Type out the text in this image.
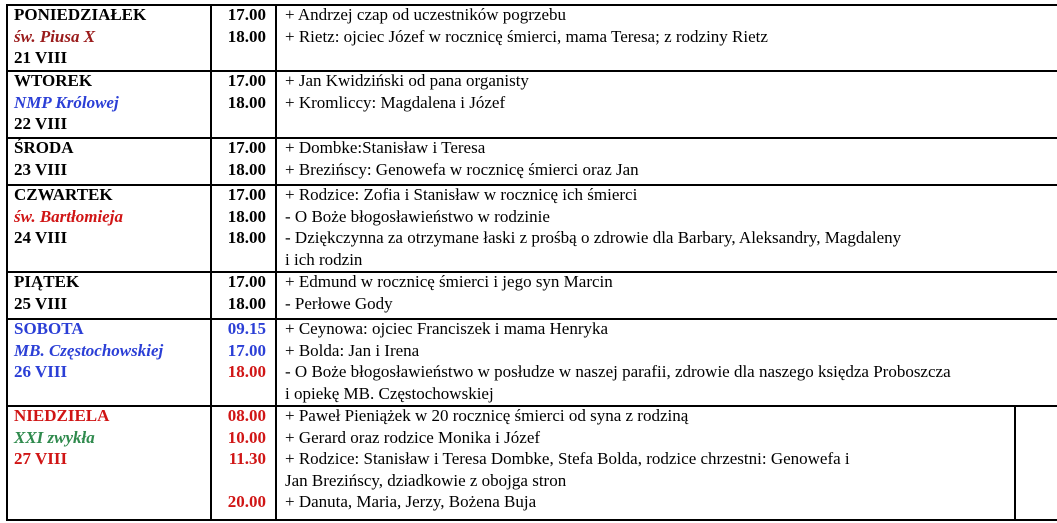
PONIEDZIAŁEK
św. Piusa X
21 VIII
17.00 + Andrzej czap od uczestników pogrzebu
18.00 + Rietz: ojciec Józef w rocznicę śmierci, mama Teresa; z rodziny Rietz
WTOREK
NMP Królowej
22 VIII
17.00 + Jan Kwidziński od pana organisty
18.00 + Kromliccy: Magdalena i Józef
ŚRODA
23 VIII
17.00 + Dombke:Stanisław i Teresa
18.00 + Brezińscy: Genowefa w rocznicę śmierci oraz Jan
CZWARTEK
św. Bartłomieja
24 VIII
17.00 + Rodzice: Zofia i Stanisław w rocznicę ich śmierci
18.00 - O Boże błogosławieństwo w rodzinie
18.00 - Dziękczynna za otrzymane łaski z prośbą o zdrowie dla Barbary, Aleksandry, Magdaleny
i ich rodzin
PIĄTEK
25 VIII
17.00 + Edmund w rocznicę śmierci i jego syn Marcin
18.00 - Perłowe Gody
SOBOTA
MB. Częstochowskiej
26 VIII
09.15 + Ceynowa: ojciec Franciszek i mama Henryka
17.00 + Bolda: Jan i Irena
18.00 - O Boże błogosławieństwo w posłudze w naszej parafii, zdrowie dla naszego księdza Proboszcza
i opiekę MB. Częstochowskiej
NIEDZIELA
XXI zwykła
27 VIII
08.00 + Paweł Pieniążek w 20 rocznicę śmierci od syna z rodziną
10.00 + Gerard oraz rodzice Monika i Józef
11.30 + Rodzice: Stanisław i Teresa Dombke, Stefa Bolda, rodzice chrzestni: Genowefa i
Jan Brezińscy, dziadkowie z obojga stron
20.00 + Danuta, Maria, Jerzy, Bożena Buja
